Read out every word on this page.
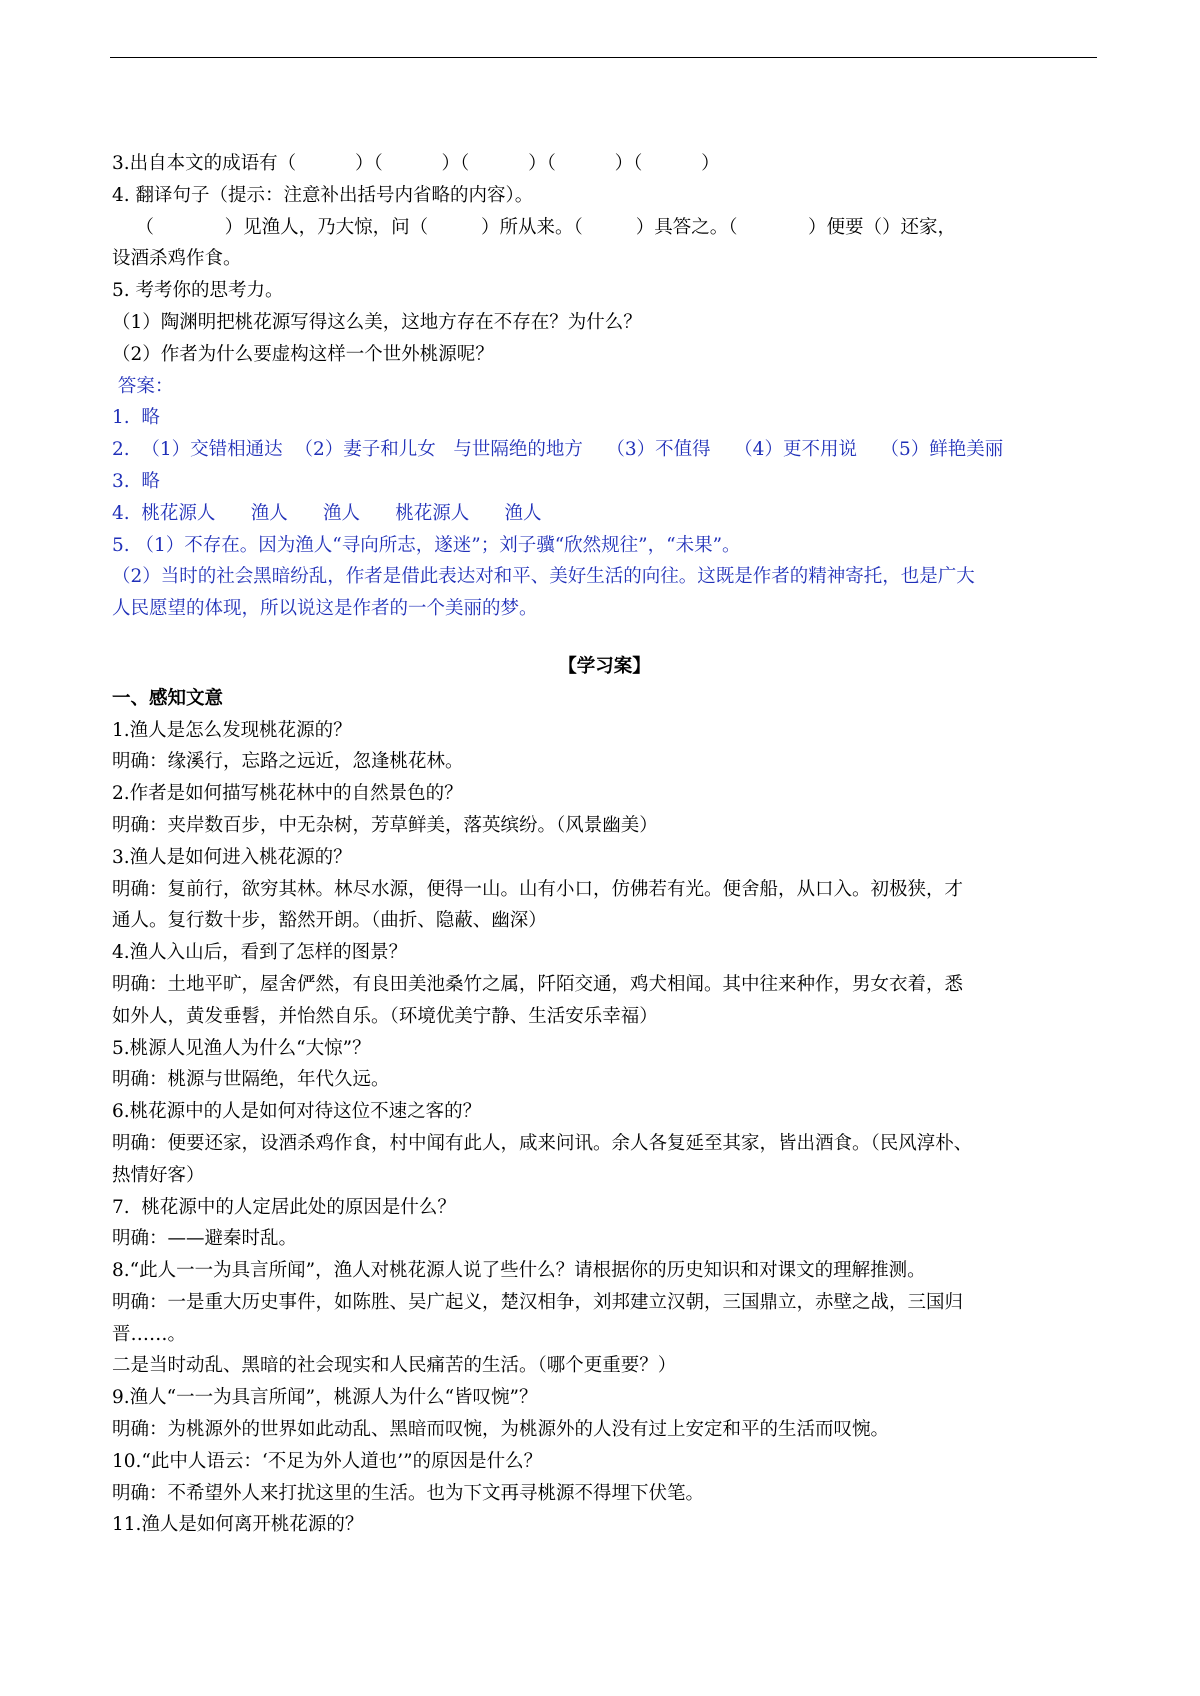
3.出自本文的成语有（          ）（          ）（          ）（          ）（          ）
4. 翻译句子（提示：注意补出括号内省略的内容）。
（            ）见渔人，乃大惊，问（         ）所从来。（         ）具答之。（            ）便要（）还家，
设酒杀鸡作食。
5. 考考你的思考力。
（1）陶渊明把桃花源写得这么美，这地方存在不存在？为什么？
（2）作者为什么要虚构这样一个世外桃源呢？
答案：
1.  略
2.  （1）交错相通达  （2）妻子和儿女   与世隔绝的地方    （3）不值得    （4）更不用说    （5）鲜艳美丽
3.  略
4.  桃花源人      渔人      渔人      桃花源人      渔人
5. （1）不存在。因为渔人“寻向所志，遂迷”；刘子骥“欣然规往”，“未果”。
（2）当时的社会黑暗纷乱，作者是借此表达对和平、美好生活的向往。这既是作者的精神寄托，也是广大
人民愿望的体现，所以说这是作者的一个美丽的梦。
【学习案】
一、感知文意
1.渔人是怎么发现桃花源的？
明确：缘溪行，忘路之远近，忽逢桃花林。
2.作者是如何描写桃花林中的自然景色的？
明确：夹岸数百步，中无杂树，芳草鲜美，落英缤纷。（风景幽美）
3.渔人是如何进入桃花源的？
明确：复前行，欲穷其林。林尽水源，便得一山。山有小口，仿佛若有光。便舍船，从口入。初极狭，才
通人。复行数十步，豁然开朗。（曲折、隐蔽、幽深）
4.渔人入山后，看到了怎样的图景？
明确：土地平旷，屋舍俨然，有良田美池桑竹之属，阡陌交通，鸡犬相闻。其中往来种作，男女衣着，悉
如外人，黄发垂髫，并怡然自乐。（环境优美宁静、生活安乐幸福）
5.桃源人见渔人为什么“大惊”？
明确：桃源与世隔绝，年代久远。
6.桃花源中的人是如何对待这位不速之客的？
明确：便要还家，设酒杀鸡作食，村中闻有此人，咸来问讯。余人各复延至其家，皆出酒食。（民风淳朴、
热情好客）
7.  桃花源中的人定居此处的原因是什么？
明确：——避秦时乱。
8.“此人一一为具言所闻”，渔人对桃花源人说了些什么？请根据你的历史知识和对课文的理解推测。
明确：一是重大历史事件，如陈胜、吴广起义，楚汉相争，刘邦建立汉朝，三国鼎立，赤壁之战，三国归
晋……。
二是当时动乱、黑暗的社会现实和人民痛苦的生活。（哪个更重要？）
9.渔人“一一为具言所闻”，桃源人为什么“皆叹惋”？
明确：为桃源外的世界如此动乱、黑暗而叹惋，为桃源外的人没有过上安定和平的生活而叹惋。
10.“此中人语云：‘不足为外人道也’”的原因是什么？
明确：不希望外人来打扰这里的生活。也为下文再寻桃源不得埋下伏笔。
11.渔人是如何离开桃花源的？
